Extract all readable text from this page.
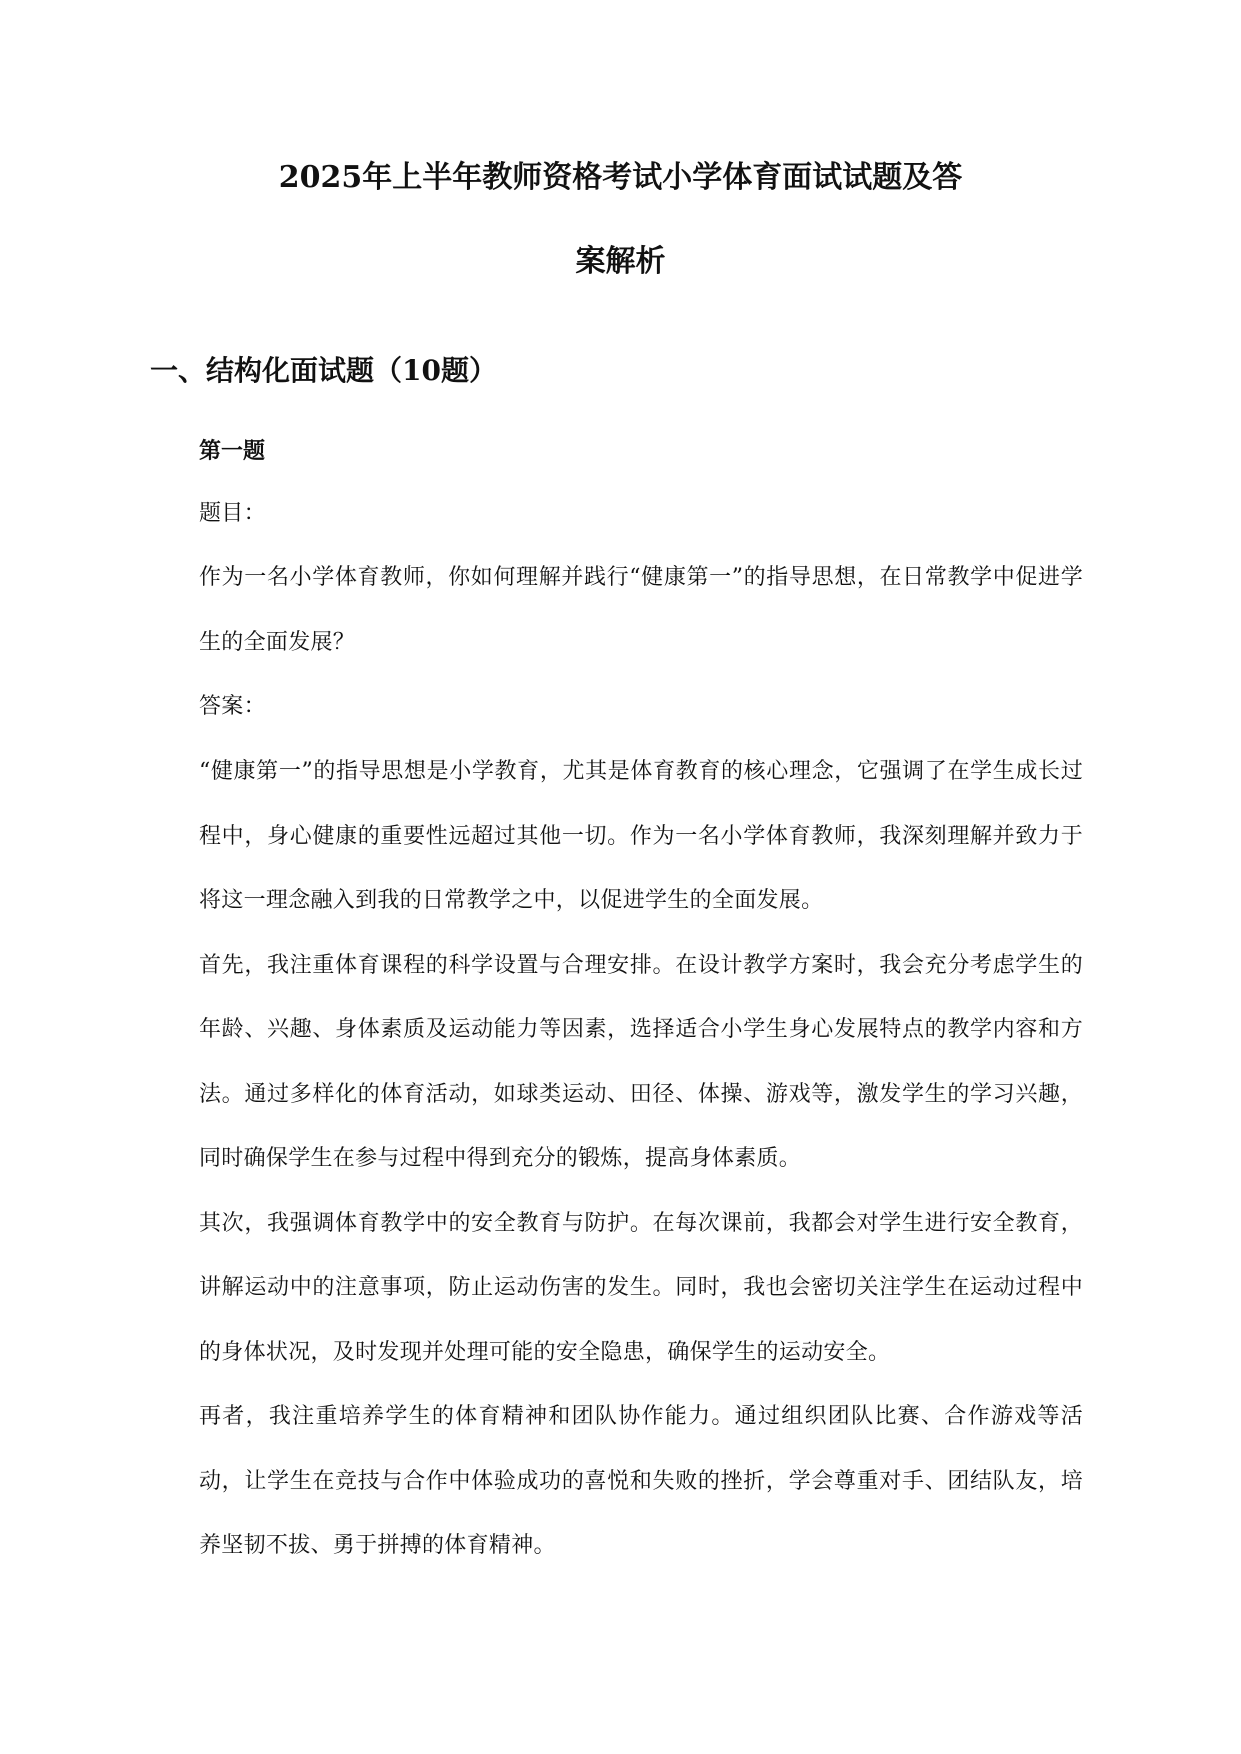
2025年上半年教师资格考试小学体育面试试题及答
案解析
一、结构化面试题（10题）
第一题
题目：
作为一名小学体育教师，你如何理解并践行“健康第一”的指导思想，在日常教学中促进学生的全面发展？
答案：

“健康第一”的指导思想是小学教育，尤其是体育教育的核心理念，它强调了在学生成长过程中，身心健康的重要性远超过其他一切。作为一名小学体育教师，我深刻理解并致力于将这一理念融入到我的日常教学之中，以促进学生的全面发展。

首先，我注重体育课程的科学设置与合理安排。在设计教学方案时，我会充分考虑学生的年龄、兴趣、身体素质及运动能力等因素，选择适合小学生身心发展特点的教学内容和方法。通过多样化的体育活动，如球类运动、田径、体操、游戏等，激发学生的学习兴趣，同时确保学生在参与过程中得到充分的锻炼，提高身体素质。

其次，我强调体育教学中的安全教育与防护。在每次课前，我都会对学生进行安全教育，讲解运动中的注意事项，防止运动伤害的发生。同时，我也会密切关注学生在运动过程中的身体状况，及时发现并处理可能的安全隐患，确保学生的运动安全。

再者，我注重培养学生的体育精神和团队协作能力。通过组织团队比赛、合作游戏等活动，让学生在竞技与合作中体验成功的喜悦和失败的挫折，学会尊重对手、团结队友，培养坚韧不拔、勇于拼搏的体育精神。
